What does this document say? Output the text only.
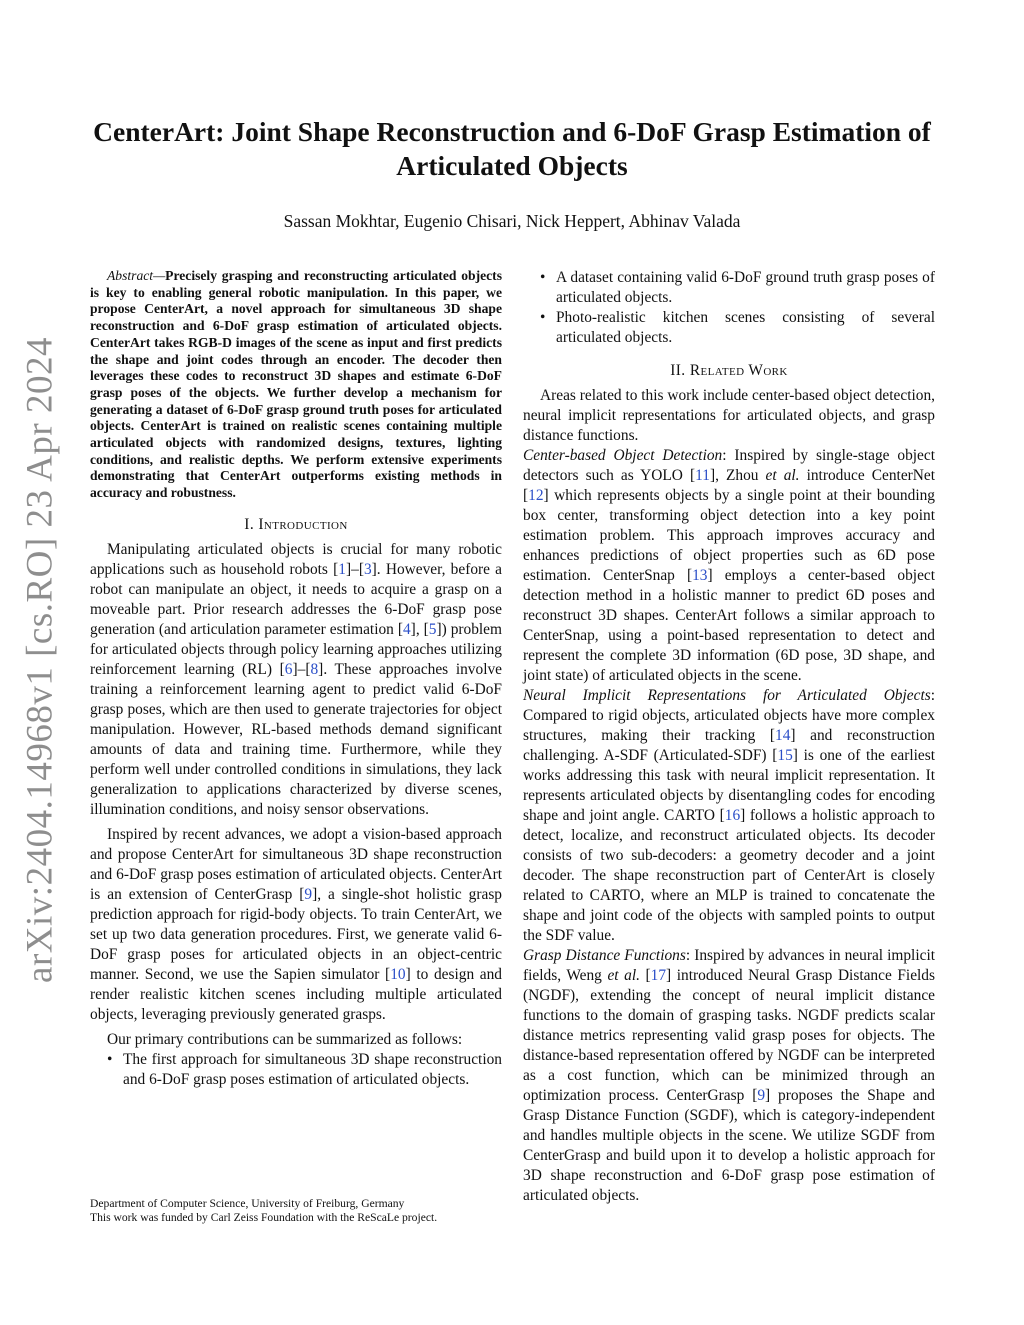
arXiv:2404.14968v1 [cs.RO] 23 Apr 2024
CenterArt: Joint Shape Reconstruction and 6-DoF Grasp Estimation of Articulated Objects

Sassan Mokhtar, Eugenio Chisari, Nick Heppert, Abhinav Valada

Abstract—Precisely grasping and reconstructing articulated objects is key to enabling general robotic manipulation. In this paper, we propose CenterArt, a novel approach for simultaneous 3D shape reconstruction and 6-DoF grasp estimation of articulated objects. CenterArt takes RGB-D images of the scene as input and first predicts the shape and joint codes through an encoder. The decoder then leverages these codes to reconstruct 3D shapes and estimate 6-DoF grasp poses of the objects. We further develop a mechanism for generating a dataset of 6-DoF grasp ground truth poses for articulated objects. CenterArt is trained on realistic scenes containing multiple articulated objects with randomized designs, textures, lighting conditions, and realistic depths. We perform extensive experiments demonstrating that CenterArt outperforms existing methods in accuracy and robustness.

I. Introduction

Manipulating articulated objects is crucial for many robotic applications such as household robots [1]–[3]. However, before a robot can manipulate an object, it needs to acquire a grasp on a moveable part. Prior research addresses the 6-DoF grasp pose generation (and articulation parameter estimation [4], [5]) problem for articulated objects through policy learning approaches utilizing reinforcement learning (RL) [6]–[8]. These approaches involve training a reinforcement learning agent to predict valid 6-DoF grasp poses, which are then used to generate trajectories for object manipulation. However, RL-based methods demand significant amounts of data and training time. Furthermore, while they perform well under controlled conditions in simulations, they lack generalization to applications characterized by diverse scenes, illumination conditions, and noisy sensor observations.

Inspired by recent advances, we adopt a vision-based approach and propose CenterArt for simultaneous 3D shape reconstruction and 6-DoF grasp poses estimation of articulated objects. CenterArt is an extension of CenterGrasp [9], a single-shot holistic grasp prediction approach for rigid-body objects. To train CenterArt, we set up two data generation procedures. First, we generate valid 6-DoF grasp poses for articulated objects in an object-centric manner. Second, we use the Sapien simulator [10] to design and render realistic kitchen scenes including multiple articulated objects, leveraging previously generated grasps.

Our primary contributions can be summarized as follows:

• The first approach for simultaneous 3D shape reconstruction and 6-DoF grasp poses estimation of articulated objects.
• A dataset containing valid 6-DoF ground truth grasp poses of articulated objects.
• Photo-realistic kitchen scenes consisting of several articulated objects.
II. Related Work

Areas related to this work include center-based object detection, neural implicit representations for articulated objects, and grasp distance functions.

Center-based Object Detection: Inspired by single-stage object detectors such as YOLO [11], Zhou et al. introduce CenterNet [12] which represents objects by a single point at their bounding box center, transforming object detection into a key point estimation problem. This approach improves accuracy and enhances predictions of object properties such as 6D pose estimation. CenterSnap [13] employs a center-based object detection method in a holistic manner to predict 6D poses and reconstruct 3D shapes. CenterArt follows a similar approach to CenterSnap, using a point-based representation to detect and represent the complete 3D information (6D pose, 3D shape, and joint state) of articulated objects in the scene.

Neural Implicit Representations for Articulated Objects: Compared to rigid objects, articulated objects have more complex structures, making their tracking [14] and reconstruction challenging. A-SDF (Articulated-SDF) [15] is one of the earliest works addressing this task with neural implicit representation. It represents articulated objects by disentangling codes for encoding shape and joint angle. CARTO [16] follows a holistic approach to detect, localize, and reconstruct articulated objects. Its decoder consists of two sub-decoders: a geometry decoder and a joint decoder. The shape reconstruction part of CenterArt is closely related to CARTO, where an MLP is trained to concatenate the shape and joint code of the objects with sampled points to output the SDF value.

Grasp Distance Functions: Inspired by advances in neural implicit fields, Weng et al. [17] introduced Neural Grasp Distance Fields (NGDF), extending the concept of neural implicit distance functions to the domain of grasping tasks. NGDF predicts scalar distance metrics representing valid grasp poses for objects. The distance-based representation offered by NGDF can be interpreted as a cost function, which can be minimized through an optimization process. CenterGrasp [9] proposes the Shape and Grasp Distance Function (SGDF), which is category-independent and handles multiple objects in the scene. We utilize SGDF from CenterGrasp and build upon it to develop a holistic approach for 3D shape reconstruction and 6-DoF grasp pose estimation of articulated objects.

Department of Computer Science, University of Freiburg, Germany

This work was funded by Carl Zeiss Foundation with the ReScaLe project.
